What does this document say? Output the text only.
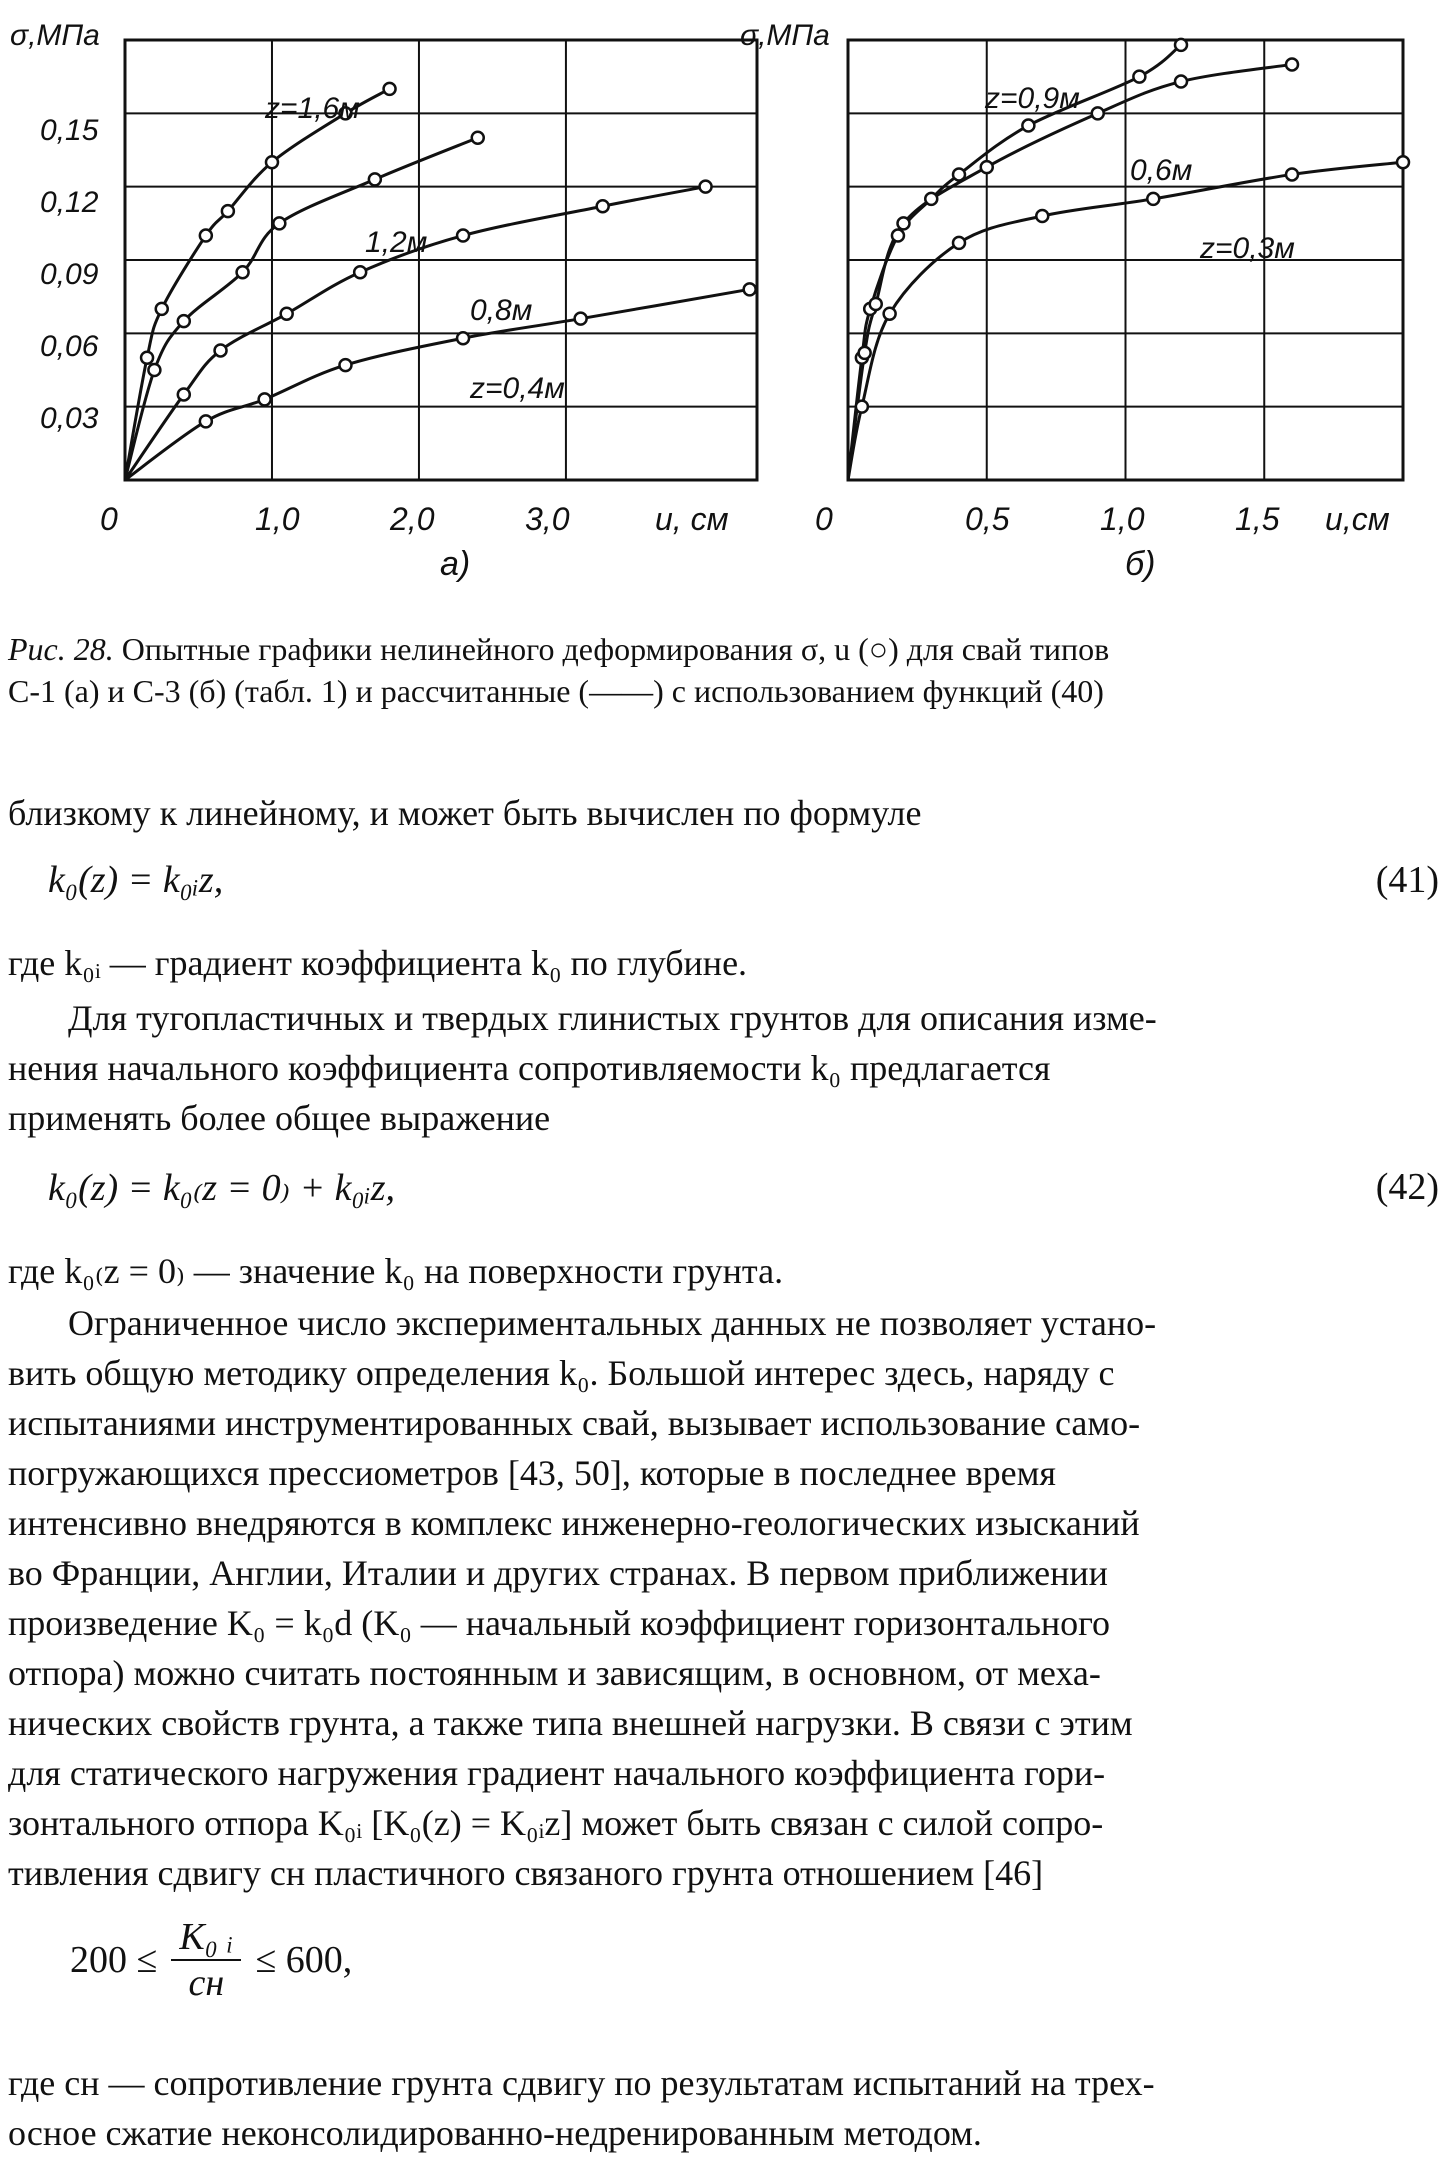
σ,МПа
0,15
0,12
0,09
0,06
0,03
0	1,0	2,0	3,0	u, см
а)
z=1,6м
1,2м
0,8м
z=0,4м
σ,МПа
0	0,5	1,0	1,5 u,см
б)
z=0,9м
0,6м
z=0,3м
Рис. 28. Опытные графики нелинейного деформирования σ, u (○) для свай типов
С-1 (а) и С-3 (б) (табл. 1) и рассчитанные (——) с использованием функций (40)
близкому к линейному, и может быть вычислен по формуле
k₀(z) = k₀ᵢz,	(41)
где k₀ᵢ — градиент коэффициента k₀ по глубине.
Для тугопластичных и твердых глинистых грунтов для описания изме-
нения начального коэффициента сопротивляемости k₀ предлагается
применять более общее выражение
k₀(z) = k₀₍z = 0₎ + k₀ᵢz,	(42)
где k₀₍z = 0₎ — значение k₀ на поверхности грунта.
Ограниченное число экспериментальных данных не позволяет устано-
вить общую методику определения k₀. Большой интерес здесь, наряду с
испытаниями инструментированных свай, вызывает использование само-
погружающихся прессиометров [43, 50], которые в последнее время
интенсивно внедряются в комплекс инженерно-геологических изысканий
во Франции, Англии, Италии и других странах. В первом приближении
произведение K₀ = k₀d (K₀ — начальный коэффициент горизонтального
отпора) можно считать постоянным и зависящим, в основном, от меха-
нических свойств грунта, а также типа внешней нагрузки. В связи с этим
для статического нагружения градиент начального коэффициента гори-
зонтального отпора K₀ᵢ [K₀(z) = K₀ᵢz] может быть связан с силой сопро-
тивления сдвигу cн пластичного связаного грунта отношением [46]
200 ≤
K₀ ᵢ
cн
≤ 600,
где cн — сопротивление грунта сдвигу по результатам испытаний на трех-
осное сжатие неконсолидированно-недренированным методом.
